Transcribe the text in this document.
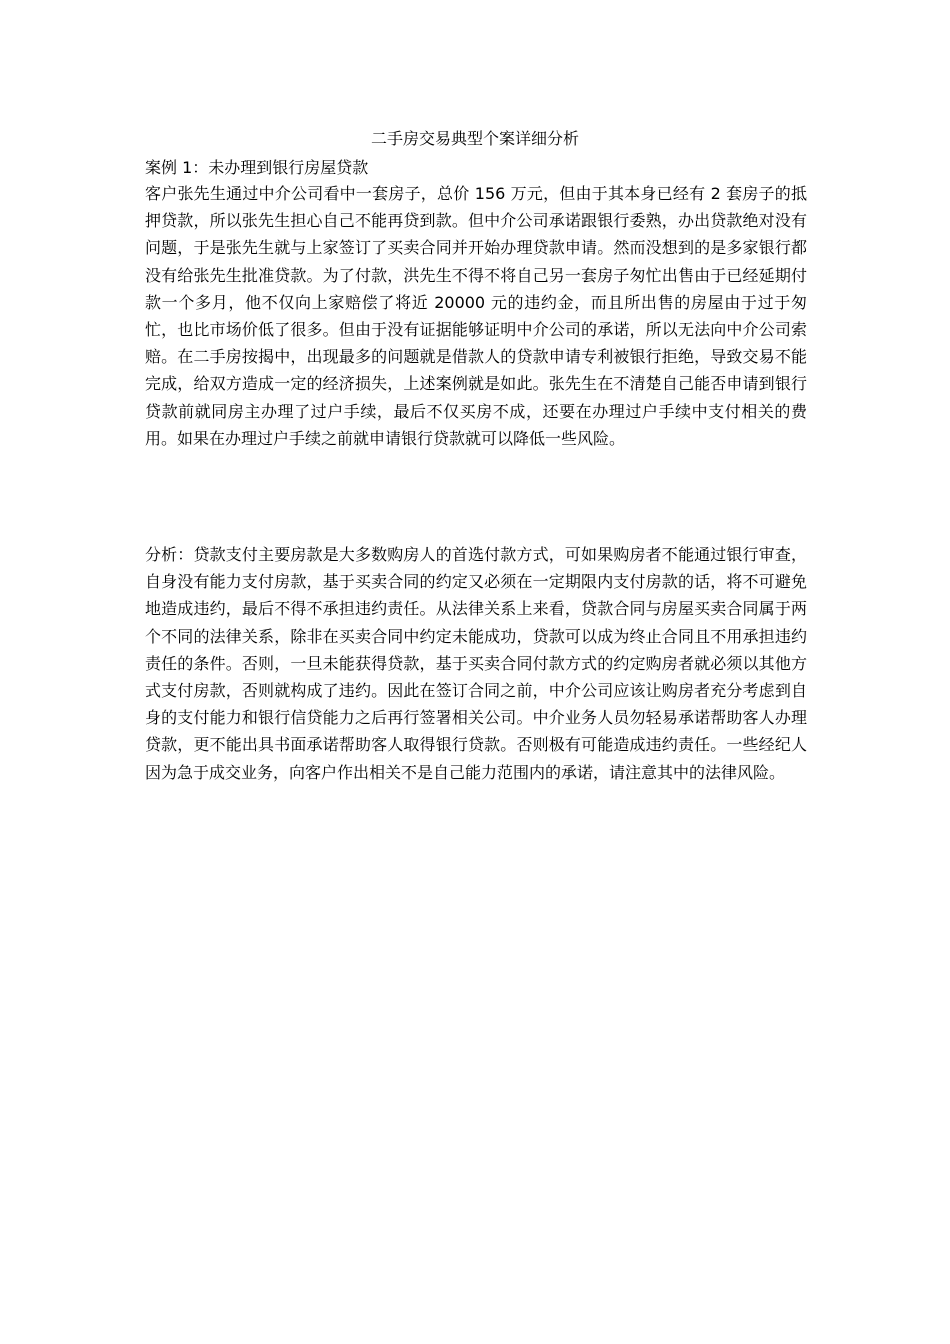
二手房交易典型个案详细分析

案例 1：未办理到银行房屋贷款

客户张先生通过中介公司看中一套房子，总价 156 万元，但由于其本身已经有 2 套房子的抵押贷款，所以张先生担心自己不能再贷到款。但中介公司承诺跟银行委熟，办出贷款绝对没有问题，于是张先生就与上家签订了买卖合同并开始办理贷款申请。然而没想到的是多家银行都没有给张先生批准贷款。为了付款，洪先生不得不将自己另一套房子匆忙出售由于已经延期付款一个多月，他不仅向上家赔偿了将近 20000 元的违约金，而且所出售的房屋由于过于匆忙，也比市场价低了很多。但由于没有证据能够证明中介公司的承诺，所以无法向中介公司索赔。在二手房按揭中，出现最多的问题就是借款人的贷款申请专利被银行拒绝，导致交易不能完成，给双方造成一定的经济损失，上述案例就是如此。张先生在不清楚自己能否申请到银行贷款前就同房主办理了过户手续，最后不仅买房不成，还要在办理过户手续中支付相关的费用。如果在办理过户手续之前就申请银行贷款就可以降低一些风险。

分析：贷款支付主要房款是大多数购房人的首选付款方式，可如果购房者不能通过银行审查，自身没有能力支付房款，基于买卖合同的约定又必须在一定期限内支付房款的话，将不可避免地造成违约，最后不得不承担违约责任。从法律关系上来看，贷款合同与房屋买卖合同属于两个不同的法律关系，除非在买卖合同中约定未能成功，贷款可以成为终止合同且不用承担违约责任的条件。否则，一旦未能获得贷款，基于买卖合同付款方式的约定购房者就必须以其他方式支付房款，否则就构成了违约。因此在签订合同之前，中介公司应该让购房者充分考虑到自身的支付能力和银行信贷能力之后再行签署相关公司。中介业务人员勿轻易承诺帮助客人办理贷款，更不能出具书面承诺帮助客人取得银行贷款。否则极有可能造成违约责任。一些经纪人因为急于成交业务，向客户作出相关不是自己能力范围内的承诺，请注意其中的法律风险。
